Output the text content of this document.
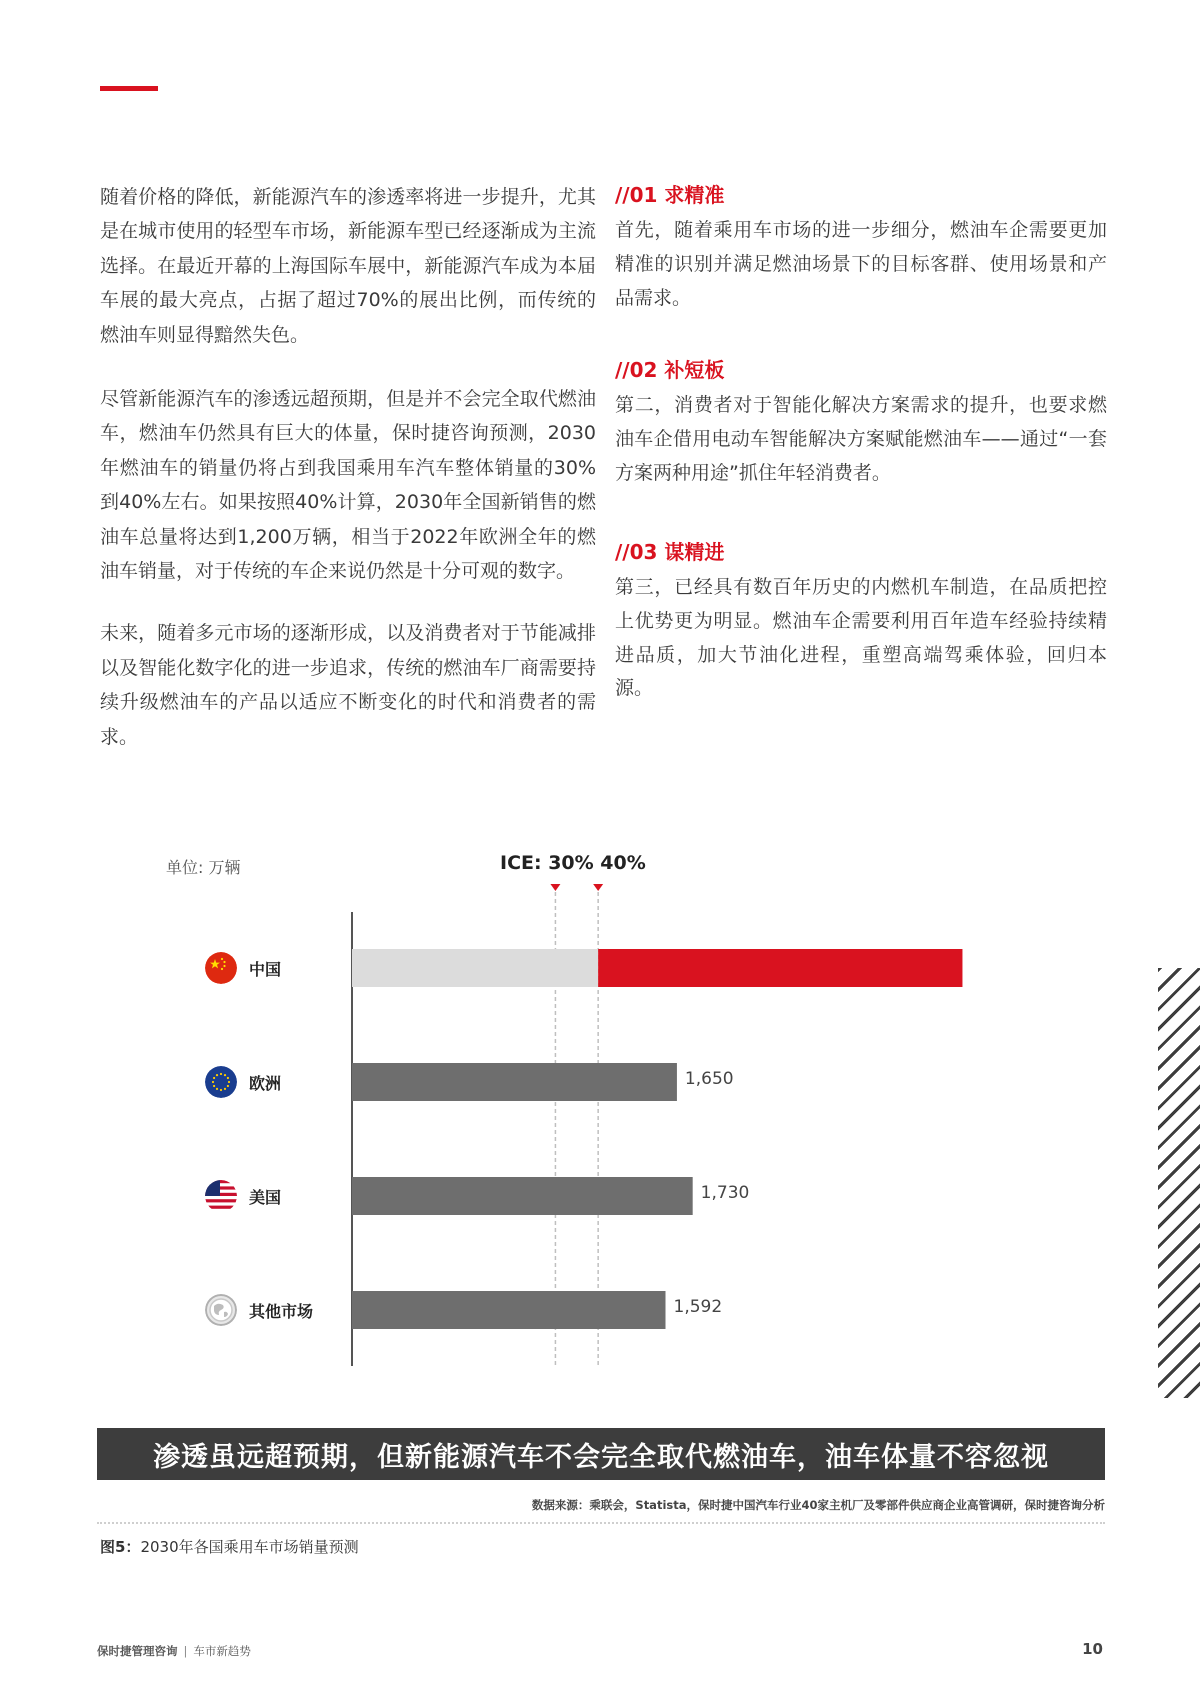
随着价格的降低，新能源汽车的渗透率将进一步提升，尤其是在城市使用的轻型车市场，新能源车型已经逐渐成为主流选择。在最近开幕的上海国际车展中，新能源汽车成为本届车展的最大亮点，占据了超过70%的展出比例，而传统的燃油车则显得黯然失色。

尽管新能源汽车的渗透远超预期，但是并不会完全取代燃油车，燃油车仍然具有巨大的体量，保时捷咨询预测，2030年燃油车的销量仍将占到我国乘用车汽车整体销量的30%到40%左右。如果按照40%计算，2030年全国新销售的燃油车总量将达到1,200万辆，相当于2022年欧洲全年的燃油车销量，对于传统的车企来说仍然是十分可观的数字。

未来，随着多元市场的逐渐形成，以及消费者对于节能减排以及智能化数字化的进一步追求，传统的燃油车厂商需要持续升级燃油车的产品以适应不断变化的时代和消费者的需求。

//01 求精准

首先，随着乘用车市场的进一步细分，燃油车企需要更加精准的识别并满足燃油场景下的目标客群、使用场景和产品需求。

//02 补短板

第二，消费者对于智能化解决方案需求的提升，也要求燃油车企借用电动车智能解决方案赋能燃油车——通过“一套方案两种用途”抓住年轻消费者。

//03 谋精进

第三，已经具有数百年历史的内燃机车制造，在品质把控上优势更为明显。燃油车企需要利用百年造车经验持续精进品质，加大节油化进程，重塑高端驾乘体验，回归本源。

单位: 万辆	ICE: 30% 40%
1,650
1,730
1,592
中国
欧洲
美国
其他市场
渗透虽远超预期，但新能源汽车不会完全取代燃油车，油车体量不容忽视
数据来源：乘联会，Statista，保时捷中国汽车行业40家主机厂及零部件供应商企业高管调研，保时捷咨询分析
图5：2030年各国乘用车市场销量预测
保时捷管理咨询 | 车市新趋势	10
